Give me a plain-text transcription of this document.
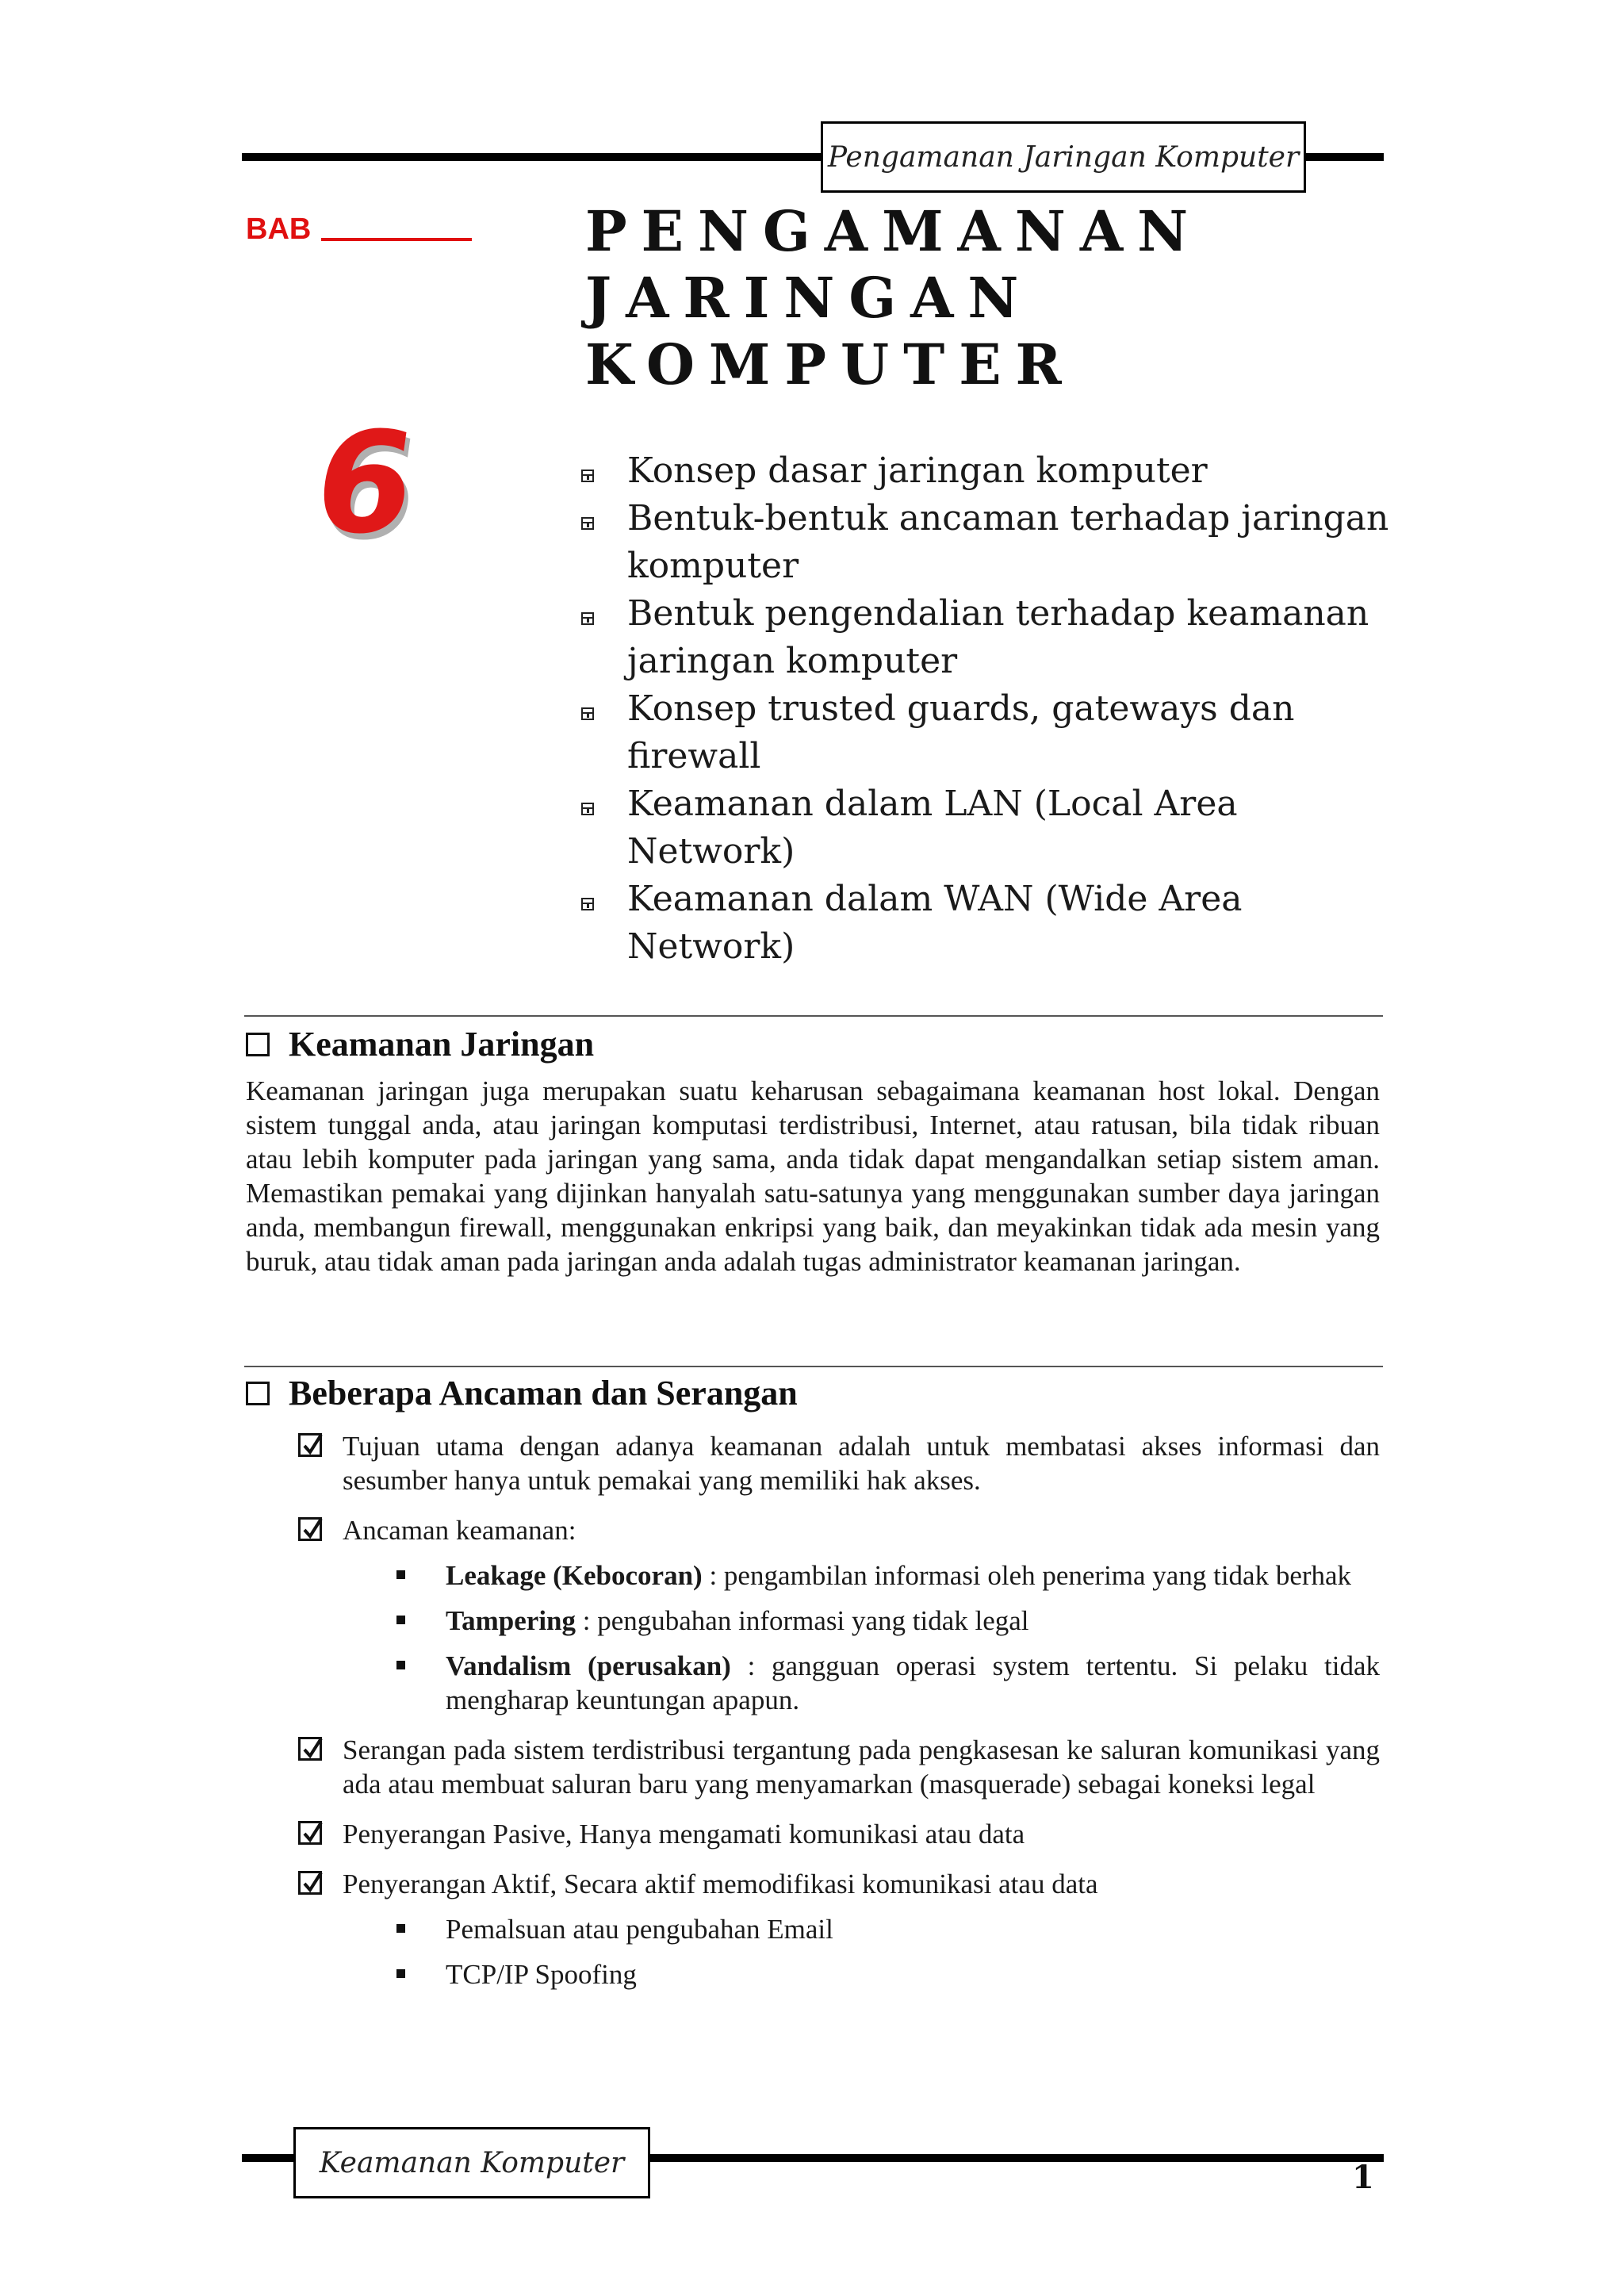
Pengamanan Jaringan Komputer
BAB	PENGAMANAN
JARINGAN
KOMPUTER
6	Konsep dasar jaringan komputer
Bentuk-bentuk ancaman terhadap jaringan komputer
Bentuk pengendalian terhadap keamanan jaringan komputer
Konsep trusted guards, gateways dan firewall
Keamanan dalam LAN (Local Area Network)
Keamanan dalam WAN (Wide Area Network)
Keamanan Jaringan

Keamanan jaringan juga merupakan suatu keharusan sebagaimana keamanan host lokal. Dengan sistem tunggal anda, atau jaringan komputasi terdistribusi, Internet, atau ratusan, bila tidak ribuan atau lebih komputer pada jaringan yang sama, anda tidak dapat mengandalkan setiap sistem aman. Memastikan pemakai yang dijinkan hanyalah satu-satunya yang menggunakan sumber daya jaringan anda, membangun firewall, menggunakan enkripsi yang baik, dan meyakinkan tidak ada mesin yang buruk, atau tidak aman pada jaringan anda adalah tugas administrator keamanan jaringan.

Beberapa Ancaman dan Serangan
Tujuan utama dengan adanya keamanan adalah untuk membatasi akses informasi dan sesumber hanya untuk pemakai yang memiliki hak akses.
Ancaman keamanan:
Leakage (Kebocoran) : pengambilan informasi oleh penerima yang tidak berhak
Tampering : pengubahan informasi yang tidak legal
Vandalism (perusakan) : gangguan operasi system tertentu. Si pelaku tidak mengharap keuntungan apapun.
Serangan pada sistem terdistribusi tergantung pada pengkasesan ke saluran komunikasi yang ada atau membuat saluran baru yang menyamarkan (masquerade) sebagai koneksi legal
Penyerangan Pasive, Hanya mengamati komunikasi atau data
Penyerangan Aktif, Secara aktif memodifikasi komunikasi atau data
Pemalsuan atau pengubahan Email
TCP/IP Spoofing
Keamanan Komputer	1
